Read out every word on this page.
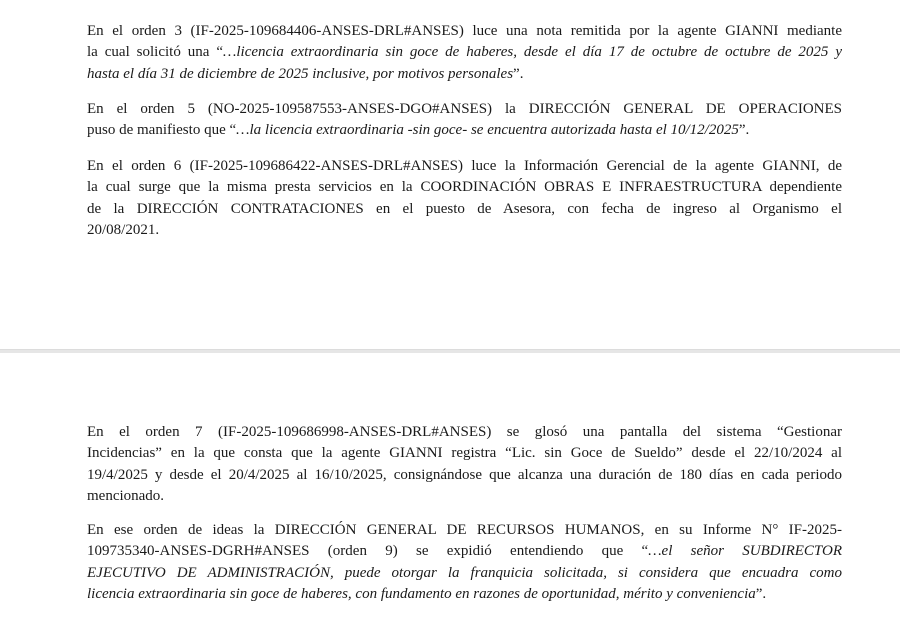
En el orden 3 (IF-2025-109684406-ANSES-DRL#ANSES) luce una nota remitida por la agente GIANNI mediante
la cual solicitó una “…licencia extraordinaria sin goce de haberes, desde el día 17 de octubre de octubre de 2025 y
hasta el día 31 de diciembre de 2025 inclusive, por motivos personales”.
En el orden 5 (NO-2025-109587553-ANSES-DGO#ANSES) la DIRECCIÓN GENERAL DE OPERACIONES
puso de manifiesto que “…la licencia extraordinaria -sin goce- se encuentra autorizada hasta el 10/12/2025”.
En el orden 6 (IF-2025-109686422-ANSES-DRL#ANSES) luce la Información Gerencial de la agente GIANNI, de
la cual surge que la misma presta servicios en la COORDINACIÓN OBRAS E INFRAESTRUCTURA dependiente
de la DIRECCIÓN CONTRATACIONES en el puesto de Asesora, con fecha de ingreso al Organismo el
20/08/2021.
En el orden 7 (IF-2025-109686998-ANSES-DRL#ANSES) se glosó una pantalla del sistema “Gestionar
Incidencias” en la que consta que la agente GIANNI registra “Lic. sin Goce de Sueldo” desde el 22/10/2024 al
19/4/2025 y desde el 20/4/2025 al 16/10/2025, consignándose que alcanza una duración de 180 días en cada periodo
mencionado.
En ese orden de ideas la DIRECCIÓN GENERAL DE RECURSOS HUMANOS, en su Informe N° IF-2025-
109735340-ANSES-DGRH#ANSES (orden 9) se expidió entendiendo que “…el señor SUBDIRECTOR
EJECUTIVO DE ADMINISTRACIÓN, puede otorgar la franquicia solicitada, si considera que encuadra como
licencia extraordinaria sin goce de haberes, con fundamento en razones de oportunidad, mérito y conveniencia”.
